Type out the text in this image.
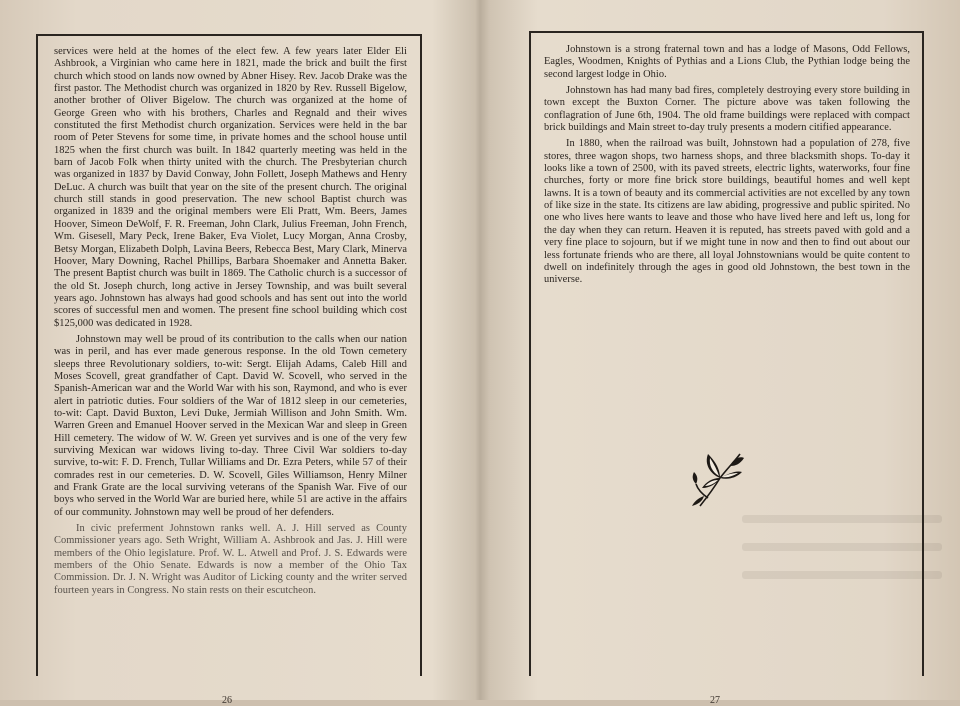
services were held at the homes of the elect few. A few years later Elder Eli Ashbrook, a Virginian who came here in 1821, made the brick and built the first church which stood on lands now owned by Abner Hisey. Rev. Jacob Drake was the first pastor. The Methodist church was organized in 1820 by Rev. Russell Bigelow, another brother of Oliver Bigelow. The church was organized at the home of George Green who with his brothers, Charles and Regnald and their wives constituted the first Methodist church organization. Services were held in the bar room of Peter Stevens for some time, in private homes and the school house until 1825 when the first church was built. In 1842 quarterly meeting was held in the barn of Jacob Folk when thirty united with the church. The Presbyterian church was organized in 1837 by David Conway, John Follett, Joseph Mathews and Henry DeLuc. A church was built that year on the site of the present church. The original church still stands in good preservation. The new school Baptist church was organized in 1839 and the original members were Eli Pratt, Wm. Beers, James Hoover, Simeon DeWolf, F. R. Freeman, John Clark, Julius Freeman, John French, Wm. Gisesell, Mary Peck, Irene Baker, Eva Violet, Lucy Morgan, Anna Crosby, Betsy Morgan, Elizabeth Dolph, Lavina Beers, Rebecca Best, Mary Clark, Minerva Hoover, Mary Downing, Rachel Phillips, Barbara Shoemaker and Annetta Baker. The present Baptist church was built in 1869. The Catholic church is a successor of the old St. Joseph church, long active in Jersey Township, and was built several years ago. Johnstown has always had good schools and has sent out into the world scores of successful men and women. The present fine school building which cost $125,000 was dedicated in 1928.

Johnstown may well be proud of its contribution to the calls when our nation was in peril, and has ever made generous response. In the old Town cemetery sleeps three Revolutionary soldiers, to-wit: Sergt. Elijah Adams, Caleb Hill and Moses Scovell, great grandfather of Capt. David W. Scovell, who served in the Spanish-American war and the World War with his son, Raymond, and who is ever alert in patriotic duties. Four soldiers of the War of 1812 sleep in our cemeteries, to-wit: Capt. David Buxton, Levi Duke, Jermiah Willison and John Smith. Wm. Warren Green and Emanuel Hoover served in the Mexican War and sleep in Green Hill cemetery. The widow of W. W. Green yet survives and is one of the very few surviving Mexican war widows living to-day. Three Civil War soldiers to-day survive, to-wit: F. D. French, Tullar Williams and Dr. Ezra Peters, while 57 of their comrades rest in our cemeteries. D. W. Scovell, Giles Williamson, Henry Milner and Frank Grate are the local surviving veterans of the Spanish War. Five of our boys who served in the World War are buried here, while 51 are active in the affairs of our community. Johnstown may well be proud of her defenders.

In civic preferment Johnstown ranks well. A. J. Hill served as County Commissioner years ago. Seth Wright, William A. Ashbrook and Jas. J. Hill were members of the Ohio legislature. Prof. W. L. Atwell and Prof. J. S. Edwards were members of the Ohio Senate. Edwards is now a member of the Ohio Tax Commission. Dr. J. N. Wright was Auditor of Licking county and the writer served fourteen years in Congress. No stain rests on their escutcheon.

26

Johnstown is a strong fraternal town and has a lodge of Masons, Odd Fellows, Eagles, Woodmen, Knights of Pythias and a Lions Club, the Pythian lodge being the second largest lodge in Ohio.

Johnstown has had many bad fires, completely destroying every store building in town except the Buxton Corner. The picture above was taken following the conflagration of June 6th, 1904. The old frame buildings were replaced with compact brick buildings and Main street to-day truly presents a modern citified appearance.

In 1880, when the railroad was built, Johnstown had a population of 278, five stores, three wagon shops, two harness shops, and three blacksmith shops. To-day it looks like a town of 2500, with its paved streets, electric lights, waterworks, four fine churches, forty or more fine brick store buildings, beautiful homes and well kept lawns. It is a town of beauty and its commercial activities are not excelled by any town of like size in the state. Its citizens are law abiding, progressive and public spirited. No one who lives here wants to leave and those who have lived here and left us, long for the day when they can return. Heaven it is reputed, has streets paved with gold and a very fine place to sojourn, but if we might tune in now and then to find out about our less fortunate friends who are there, all loyal Johnstownians would be quite content to dwell on indefinitely through the ages in good old Johnstown, the best town in the universe.

27
